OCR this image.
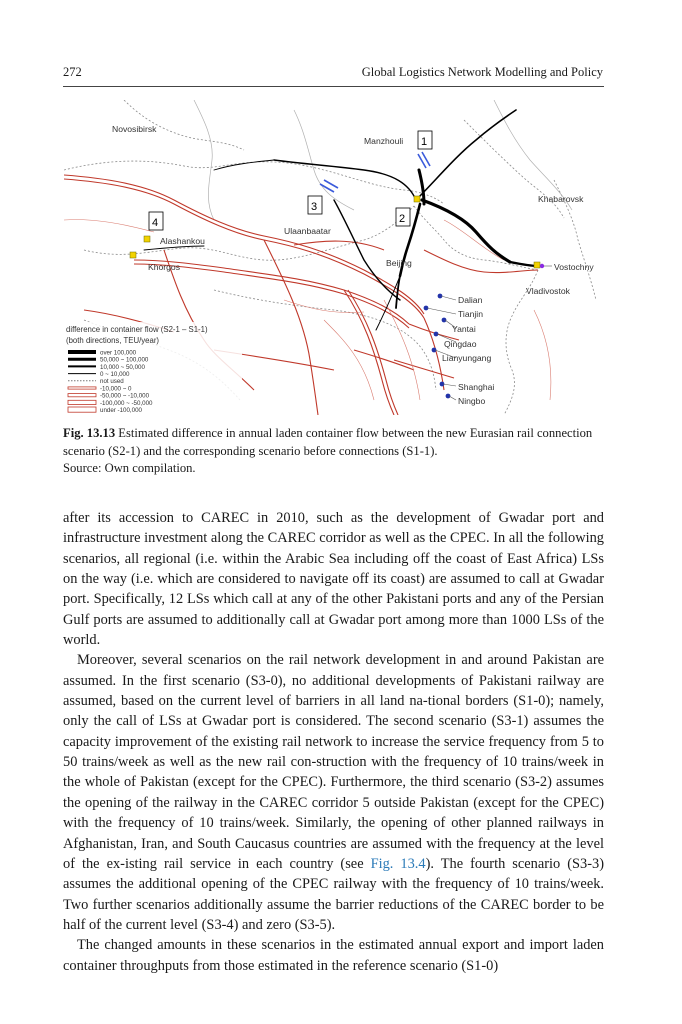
272	Global Logistics Network Modelling and Policy
Novosibirsk
Manzhouli
Khabarovsk
Ulaanbaatar
Alashankou
Khorgos	Beijing	Vostochny
Vladivostok
Dalian
Tianjin
Yantai
Qingdao
Lianyungang
Shanghai
Ningbo
1
2
3
4
difference in container flow (S2-1 – S1-1)
(both directions, TEU/year)
over 100,000
50,000 ~ 100,000
10,000 ~ 50,000
0 ~ 10,000
not used
-10,000 ~ 0
-50,000 ~ -10,000
-100,000 ~ -50,000
under -100,000
Fig. 13.13 Estimated difference in annual laden container flow between the new Eurasian rail connection scenario (S2-1) and the corresponding scenario before connections (S1-1).
Source: Own compilation.

after its accession to CAREC in 2010, such as the development of Gwadar port and infrastructure investment along the CAREC corridor as well as the CPEC. In all the following scenarios, all regional (i.e. within the Arabic Sea including off the coast of East Africa) LSs on the way (i.e. which are considered to navigate off its coast) are assumed to call at Gwadar port. Specifically, 12 LSs which call at any of the other Pakistani ports and any of the Persian Gulf ports are assumed to additionally call at Gwadar port among more than 1000 LSs of the world.

Moreover, several scenarios on the rail network development in and around Pakistan are assumed. In the first scenario (S3-0), no additional developments of Pakistani railway are assumed, based on the current level of barriers in all land na-tional borders (S1-0); namely, only the call of LSs at Gwadar port is considered. The second scenario (S3-1) assumes the capacity improvement of the existing rail network to increase the service frequency from 5 to 50 trains/week as well as the new rail con-struction with the frequency of 10 trains/week in the whole of Pakistan (except for the CPEC). Furthermore, the third scenario (S3-2) assumes the opening of the railway in the CAREC corridor 5 outside Pakistan (except for the CPEC) with the frequency of 10 trains/week. Similarly, the opening of other planned railways in Afghanistan, Iran, and South Caucasus countries are assumed with the frequency at the level of the ex-isting rail service in each country (see Fig. 13.4). The fourth scenario (S3-3) assumes the additional opening of the CPEC railway with the frequency of 10 trains/week. Two further scenarios additionally assume the barrier reductions of the CAREC border to be half of the current level (S3-4) and zero (S3-5).

The changed amounts in these scenarios in the estimated annual export and import laden container throughputs from those estimated in the reference scenario (S1-0)
